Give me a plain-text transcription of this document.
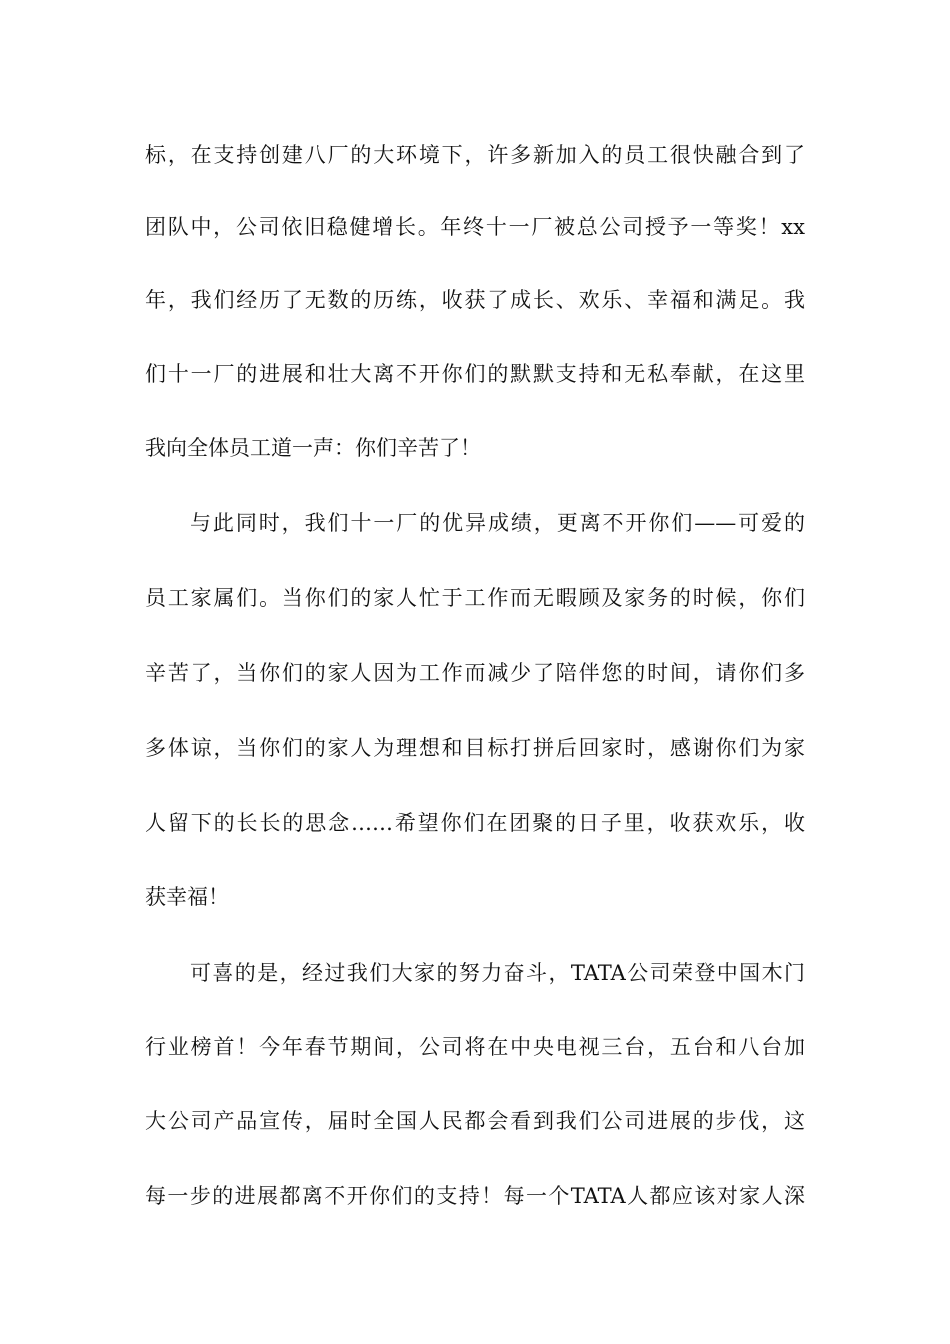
标，在支持创建八厂的大环境下，许多新加入的员工很快融合到了
团队中，公司依旧稳健增长。年终十一厂被总公司授予一等奖！xx
年，我们经历了无数的历练，收获了成长、欢乐、幸福和满足。我
们十一厂的进展和壮大离不开你们的默默支持和无私奉献，在这里
我向全体员工道一声：你们辛苦了！
与此同时，我们十一厂的优异成绩，更离不开你们——可爱的
员工家属们。当你们的家人忙于工作而无暇顾及家务的时候，你们
辛苦了，当你们的家人因为工作而减少了陪伴您的时间，请你们多
多体谅，当你们的家人为理想和目标打拼后回家时，感谢你们为家
人留下的长长的思念……希望你们在团聚的日子里，收获欢乐，收
获幸福！
可喜的是，经过我们大家的努力奋斗，TATA公司荣登中国木门
行业榜首！今年春节期间，公司将在中央电视三台，五台和八台加
大公司产品宣传，届时全国人民都会看到我们公司进展的步伐，这
每一步的进展都离不开你们的支持！每一个TATA人都应该对家人深
